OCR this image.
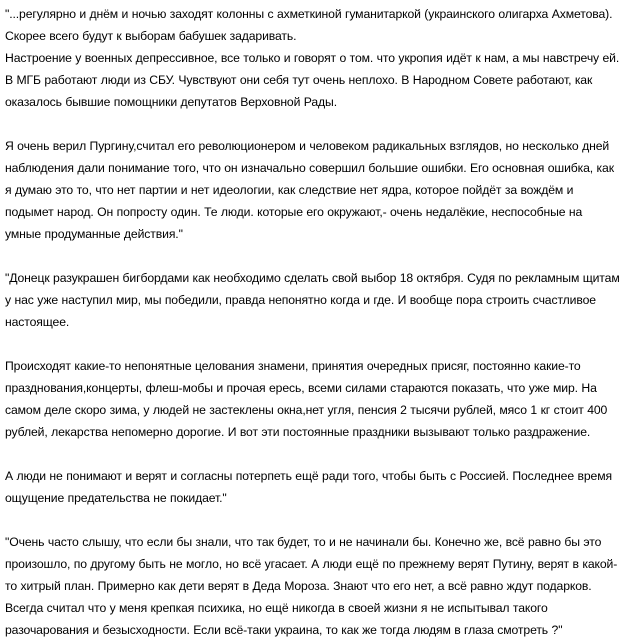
"...регулярно и днём и ночью заходят колонны с ахметкиной гуманитаркой (украинского олигарха Ахметова). Скорее всего будут к выборам бабушек задаривать.
Настроение у военных депрессивное, все только и говорят о том. что укропия идёт к нам, а мы навстречу ей.
В МГБ работают люди из СБУ. Чувствуют они себя тут очень неплохо. В Народном Совете работают, как оказалось бывшие помощники депутатов Верховной Рады.

Я очень верил Пургину,считал его революционером и человеком радикальных взглядов, но несколько дней наблюдения дали понимание того, что он изначально совершил большие ошибки. Его основная ошибка, как я думаю это то, что нет партии и нет идеологии, как следствие нет ядра, которое пойдёт за вождём и подымет народ. Он попросту один. Те люди. которые его окружают,- очень недалёкие, неспособные на умные продуманные действия."

"Донецк разукрашен бигбордами как необходимо сделать свой выбор 18 октября. Судя по рекламным щитам у нас уже наступил мир, мы победили, правда непонятно когда и где. И вообще пора строить счастливое настоящее.

Происходят какие-то непонятные целования знамени, принятия очередных присяг, постоянно какие-то празднования,концерты, флеш-мобы и прочая ересь, всеми силами стараются показать, что уже мир. На самом деле скоро зима, у людей не застеклены окна,нет угля, пенсия 2 тысячи рублей, мясо 1 кг стоит 400 рублей, лекарства непомерно дорогие. И вот эти постоянные праздники вызывают только раздражение.

А люди не понимают и верят и согласны потерпеть ещё ради того, чтобы быть с Россией. Последнее время ощущение предательства не покидает."

"Очень часто слышу, что если бы знали, что так будет, то и не начинали бы. Конечно же, всё равно бы это произошло, по другому быть не могло, но всё угасает. А люди ещё по прежнему верят Путину, верят в какой-то хитрый план. Примерно как дети верят в Деда Мороза. Знают что его нет, а всё равно ждут подарков.
Всегда считал что у меня крепкая психика, но ещё никогда в своей жизни я не испытывал такого разочарования и безысходности. Если всё-таки украина, то как же тогда людям в глаза смотреть ?"
